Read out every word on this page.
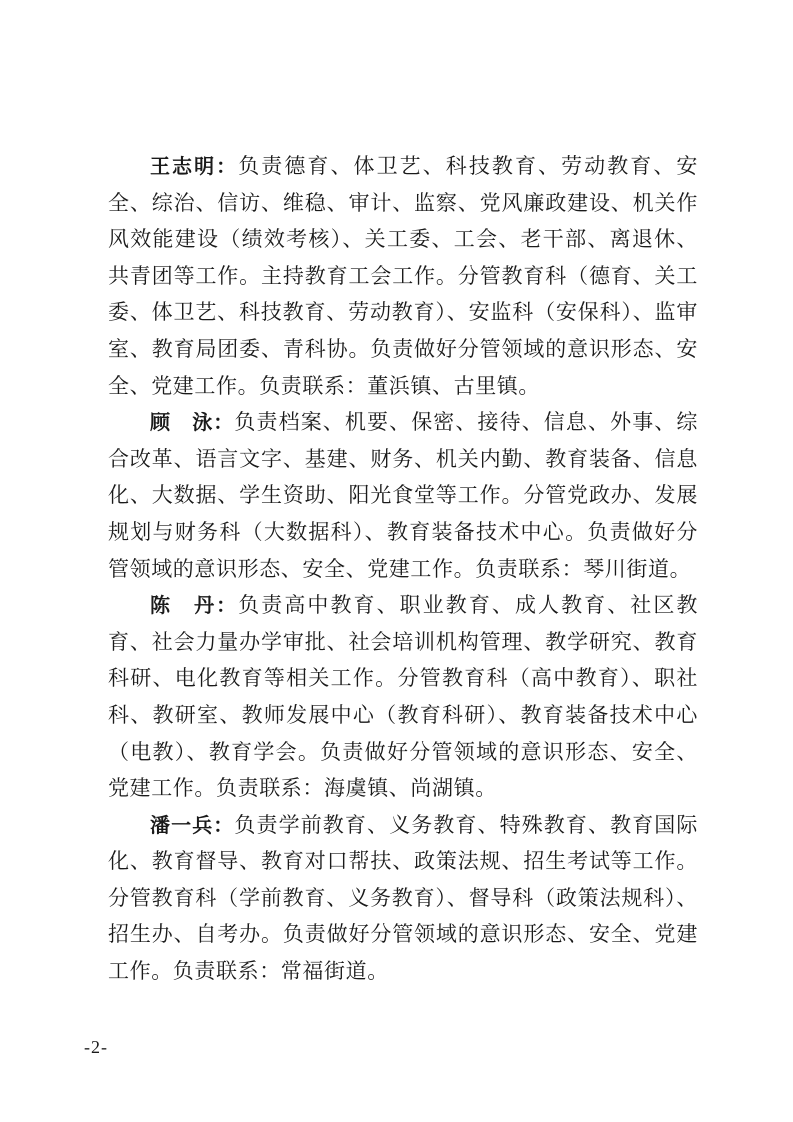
王志明：负责德育、体卫艺、科技教育、劳动教育、安全、综治、信访、维稳、审计、监察、党风廉政建设、机关作风效能建设（绩效考核）、关工委、工会、老干部、离退休、共青团等工作。主持教育工会工作。分管教育科（德育、关工委、体卫艺、科技教育、劳动教育）、安监科（安保科）、监审室、教育局团委、青科协。负责做好分管领域的意识形态、安全、党建工作。负责联系：董浜镇、古里镇。

顾　泳：负责档案、机要、保密、接待、信息、外事、综合改革、语言文字、基建、财务、机关内勤、教育装备、信息化、大数据、学生资助、阳光食堂等工作。分管党政办、发展规划与财务科（大数据科）、教育装备技术中心。负责做好分管领域的意识形态、安全、党建工作。负责联系：琴川街道。

陈　丹：负责高中教育、职业教育、成人教育、社区教育、社会力量办学审批、社会培训机构管理、教学研究、教育科研、电化教育等相关工作。分管教育科（高中教育）、职社科、教研室、教师发展中心（教育科研）、教育装备技术中心（电教）、教育学会。负责做好分管领域的意识形态、安全、党建工作。负责联系：海虞镇、尚湖镇。

潘一兵：负责学前教育、义务教育、特殊教育、教育国际化、教育督导、教育对口帮扶、政策法规、招生考试等工作。分管教育科（学前教育、义务教育）、督导科（政策法规科）、招生办、自考办。负责做好分管领域的意识形态、安全、党建工作。负责联系：常福街道。

-2-
